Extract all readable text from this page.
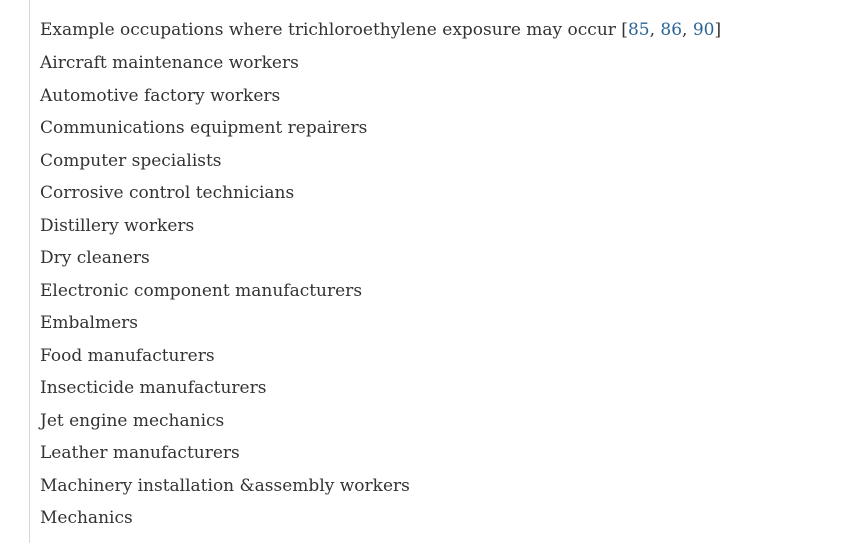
Example occupations where trichloroethylene exposure may occur [85, 86, 90]
Aircraft maintenance workers
Automotive factory workers
Communications equipment repairers
Computer specialists
Corrosive control technicians
Distillery workers
Dry cleaners
Electronic component manufacturers
Embalmers
Food manufacturers
Insecticide manufacturers
Jet engine mechanics
Leather manufacturers
Machinery installation &assembly workers
Mechanics
